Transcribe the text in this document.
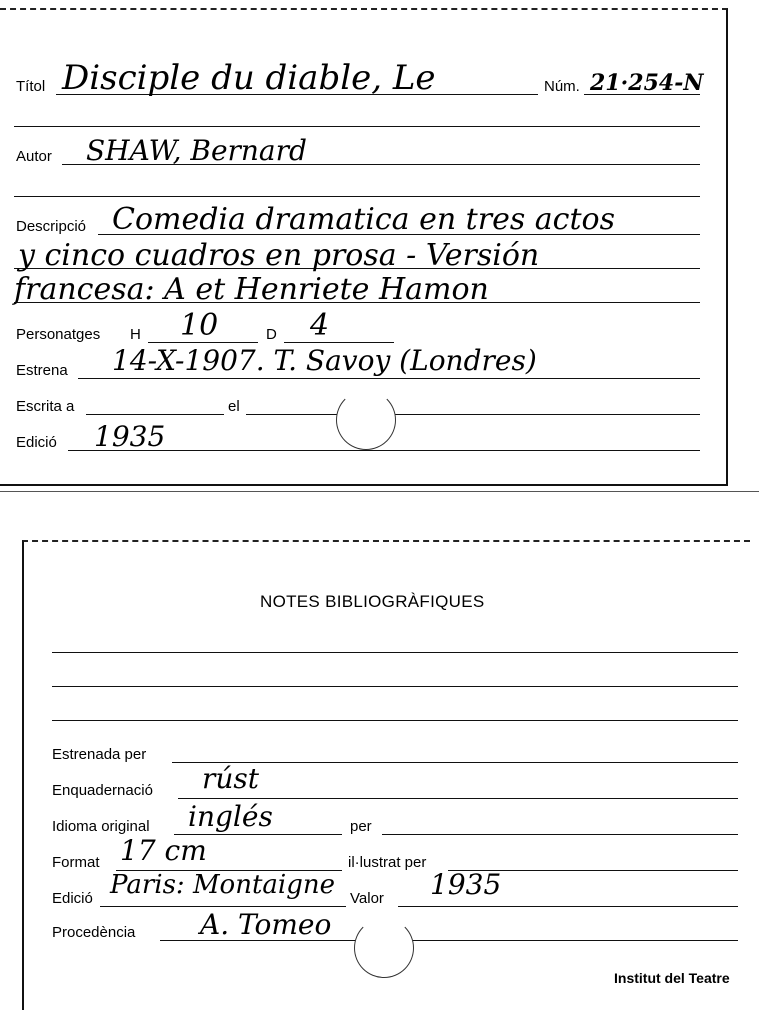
Títol Disciple du diable, Le	Núm. 21·254-N
Autor SHAW, Bernard
Descripció Comedia dramatica en tres actos
y cinco cuadros en prosa - Versión
francesa: A et Henriete Hamon
Personatges H 10	D 4
Estrena 14-X-1907. T. Savoy (Londres)
Escrita a	el
Edició 1935
NOTES BIBLIOGRÀFIQUES
Estrenada per
Enquadernació rúst
Idioma original inglés	per
Format 17 cm	il·lustrat per
Edició Paris: Montaigne Valor 1935
Procedència A. Tomeo
Institut del Teatre
